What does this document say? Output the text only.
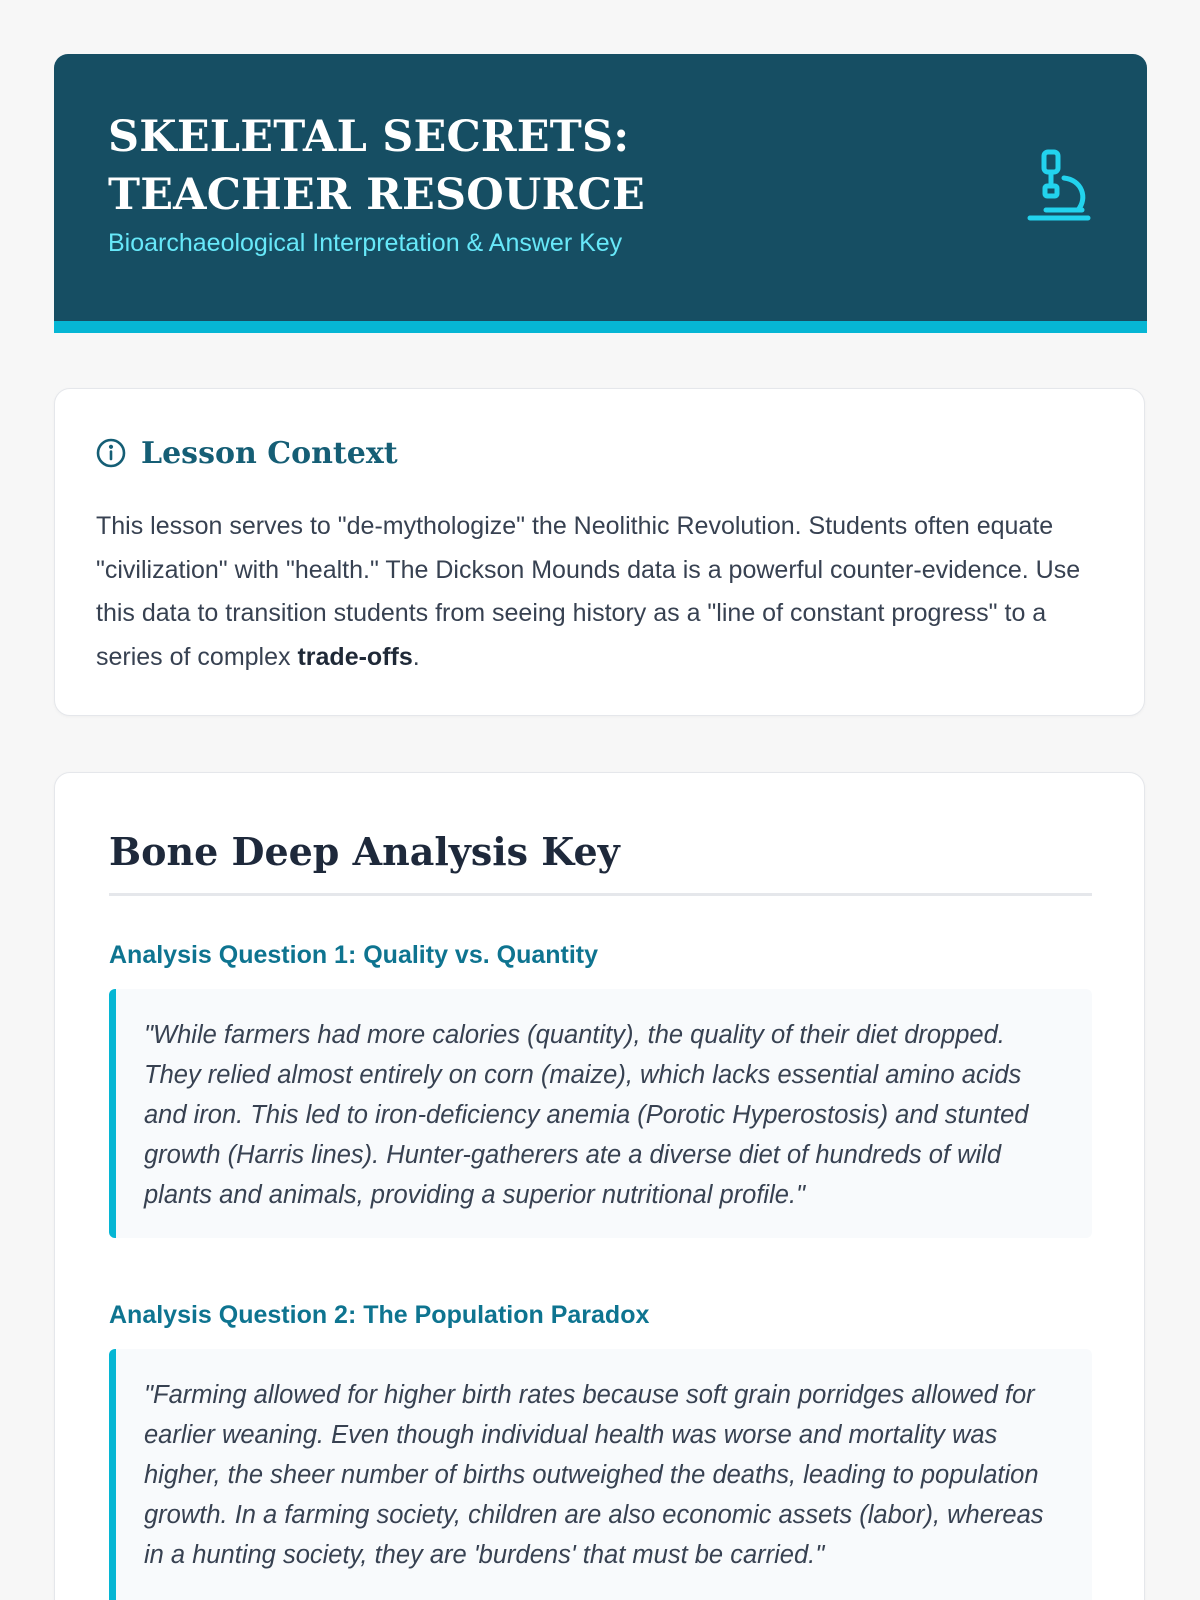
SKELETAL SECRETS: TEACHER RESOURCE

Bioarchaeological Interpretation & Answer Key

Lesson Context

This lesson serves to "de-mythologize" the Neolithic Revolution. Students often equate "civilization" with "health." The Dickson Mounds data is a powerful counter-evidence. Use this data to transition students from seeing history as a "line of constant progress" to a series of complex trade-offs.

Bone Deep Analysis Key
Analysis Question 1: Quality vs. Quantity

"While farmers had more calories (quantity), the quality of their diet dropped. They relied almost entirely on corn (maize), which lacks essential amino acids and iron. This led to iron-deficiency anemia (Porotic Hyperostosis) and stunted growth (Harris lines). Hunter-gatherers ate a diverse diet of hundreds of wild plants and animals, providing a superior nutritional profile."

Analysis Question 2: The Population Paradox

"Farming allowed for higher birth rates because soft grain porridges allowed for earlier weaning. Even though individual health was worse and mortality was higher, the sheer number of births outweighed the deaths, leading to population growth. In a farming society, children are also economic assets (labor), whereas in a hunting society, they are 'burdens' that must be carried."
